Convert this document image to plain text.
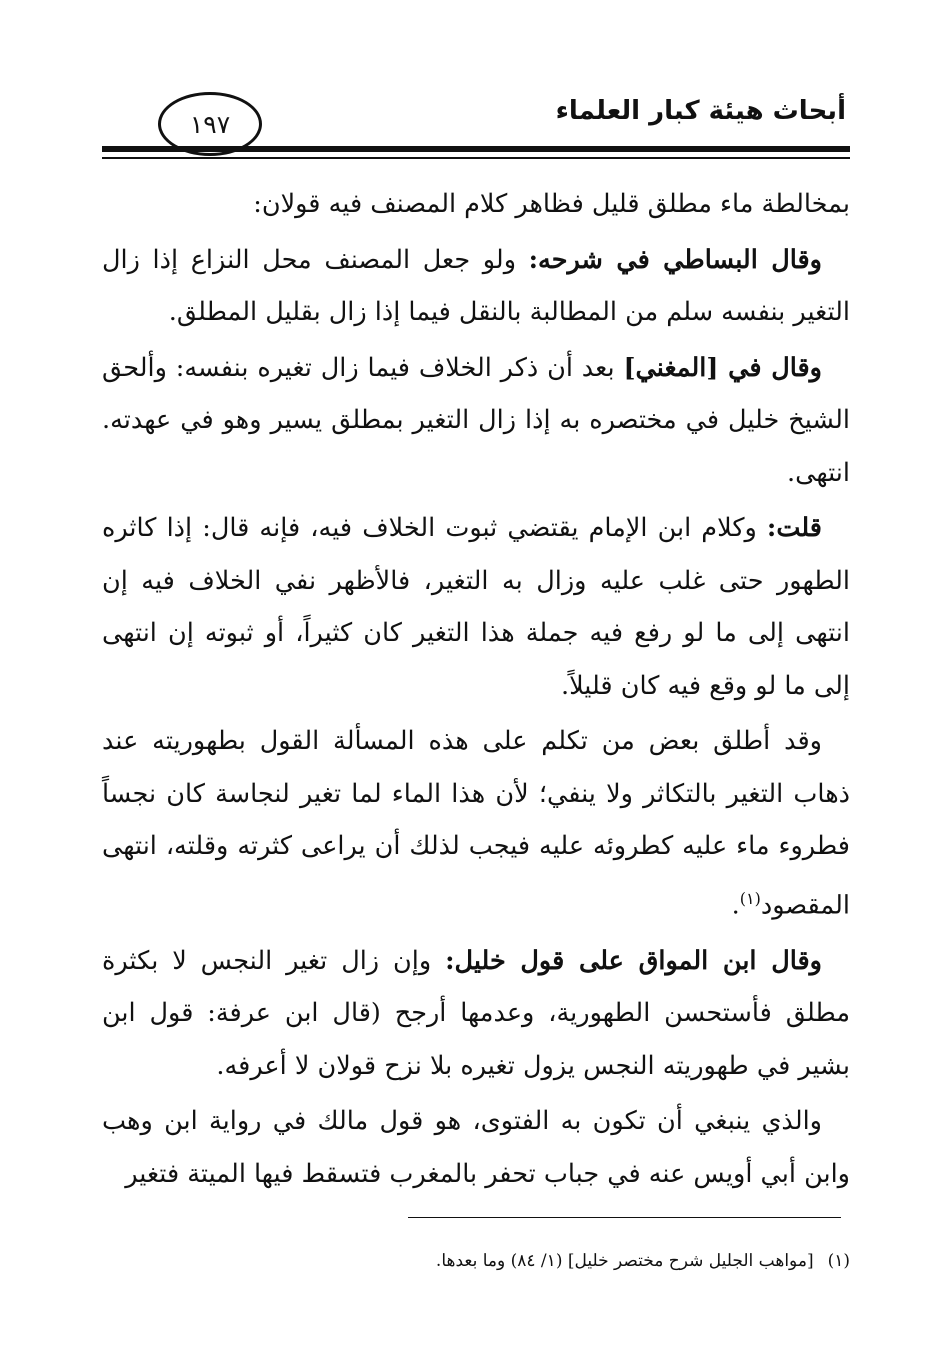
أبحاث هيئة كبار العلماء
١٩٧

بمخالطة ماء مطلق قليل فظاهر كلام المصنف فيه قولان:

وقال البساطي في شرحه: ولو جعل المصنف محل النزاع إذا زال التغير بنفسه سلم من المطالبة بالنقل فيما إذا زال بقليل المطلق.

وقال في [المغني] بعد أن ذكر الخلاف فيما زال تغيره بنفسه: وألحق الشيخ خليل في مختصره به إذا زال التغير بمطلق يسير وهو في عهدته. انتهى.

قلت: وكلام ابن الإمام يقتضي ثبوت الخلاف فيه، فإنه قال: إذا كاثره الطهور حتى غلب عليه وزال به التغير، فالأظهر نفي الخلاف فيه إن انتهى إلى ما لو رفع فيه جملة هذا التغير كان كثيراً، أو ثبوته إن انتهى إلى ما لو وقع فيه كان قليلاً.

وقد أطلق بعض من تكلم على هذه المسألة القول بطهوريته عند ذهاب التغير بالتكاثر ولا ينفي؛ لأن هذا الماء لما تغير لنجاسة كان نجساً فطروء ماء عليه كطروئه عليه فيجب لذلك أن يراعى كثرته وقلته، انتهى المقصود$^{(١)}$.

وقال ابن المواق على قول خليل: وإن زال تغير النجس لا بكثرة مطلق فأستحسن الطهورية، وعدمها أرجح (قال ابن عرفة: قول ابن بشير في طهوريته النجس يزول تغيره بلا نزح قولان لا أعرفه.

والذي ينبغي أن تكون به الفتوى، هو قول مالك في رواية ابن وهب وابن أبي أويس عنه في جباب تحفر بالمغرب فتسقط فيها الميتة فتغير

(١)[مواهب الجليل شرح مختصر خليل] (١/ ٨٤) وما بعدها.
